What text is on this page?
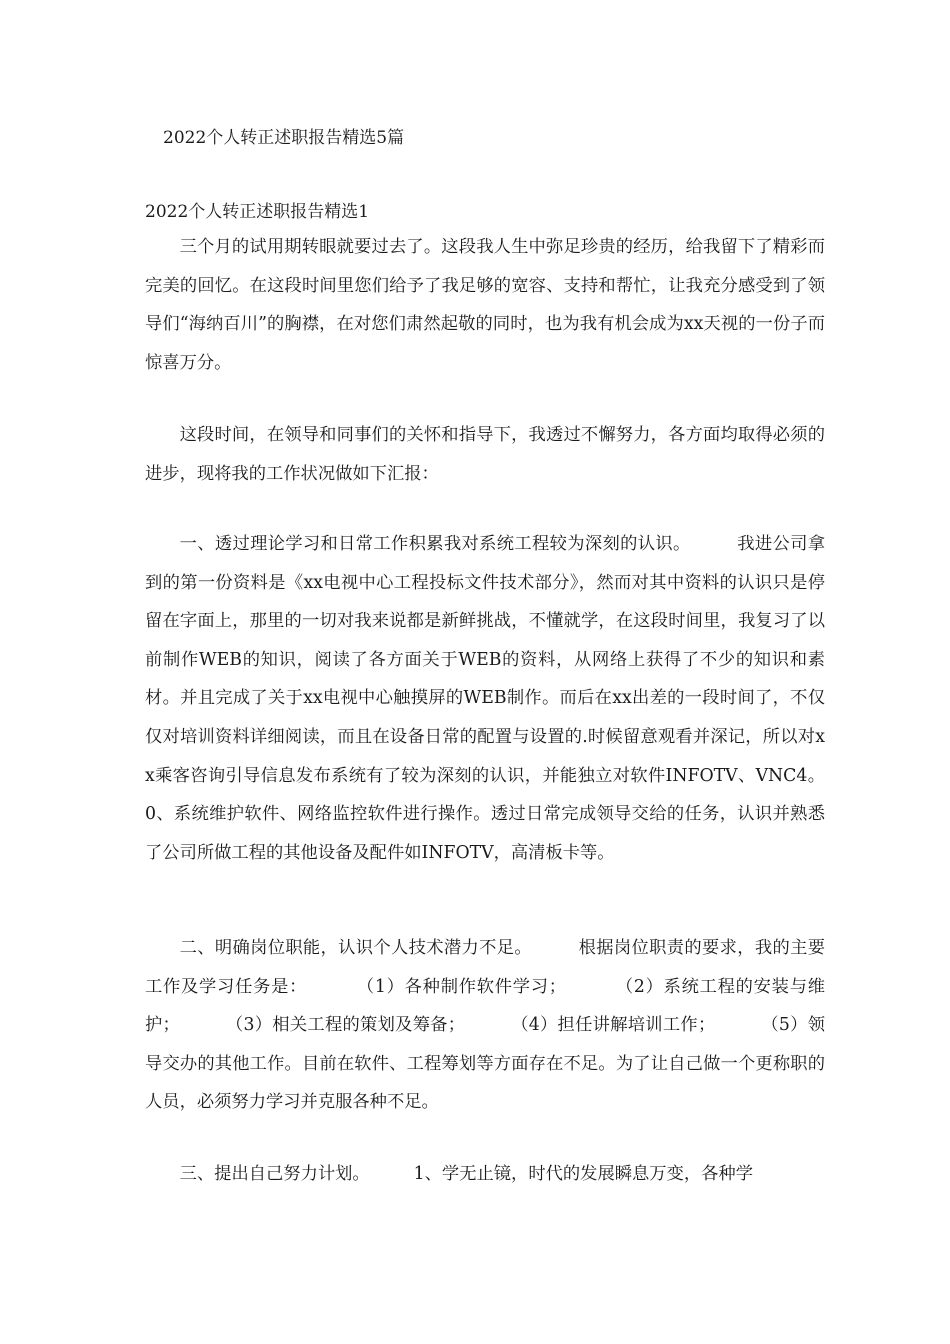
2022个人转正述职报告精选5篇
2022个人转正述职报告精选1

三个月的试用期转眼就要过去了。这段我人生中弥足珍贵的经历，给我留下了精彩而完美的回忆。在这段时间里您们给予了我足够的宽容、支持和帮忙，让我充分感受到了领导们“海纳百川”的胸襟，在对您们肃然起敬的同时，也为我有机会成为xx天视的一份子而惊喜万分。

这段时间，在领导和同事们的关怀和指导下，我透过不懈努力，各方面均取得必须的进步，现将我的工作状况做如下汇报：

一、透过理论学习和日常工作积累我对系统工程较为深刻的认识。        我进公司拿到的第一份资料是《xx电视中心工程投标文件技术部分》，然而对其中资料的认识只是停留在字面上，那里的一切对我来说都是新鲜挑战，不懂就学，在这段时间里，我复习了以前制作WEB的知识，阅读了各方面关于WEB的资料，从网络上获得了不少的知识和素材。并且完成了关于xx电视中心触摸屏的WEB制作。而后在xx出差的一段时间了，不仅仅对培训资料详细阅读，而且在设备日常的配置与设置的.时候留意观看并深记，所以对xx乘客咨询引导信息发布系统有了较为深刻的认识，并能独立对软件INFOTV、VNC4。0、系统维护软件、网络监控软件进行操作。透过日常完成领导交给的任务，认识并熟悉了公司所做工程的其他设备及配件如INFOTV，高清板卡等。

二、明确岗位职能，认识个人技术潜力不足。        根据岗位职责的要求，我的主要工作及学习任务是：        （1）各种制作软件学习；        （2）系统工程的安装与维护；        （3）相关工程的策划及筹备；        （4）担任讲解培训工作；        （5）领导交办的其他工作。目前在软件、工程筹划等方面存在不足。为了让自己做一个更称职的人员，必须努力学习并克服各种不足。

三、提出自己努力计划。        1、学无止镜，时代的发展瞬息万变，各种学
